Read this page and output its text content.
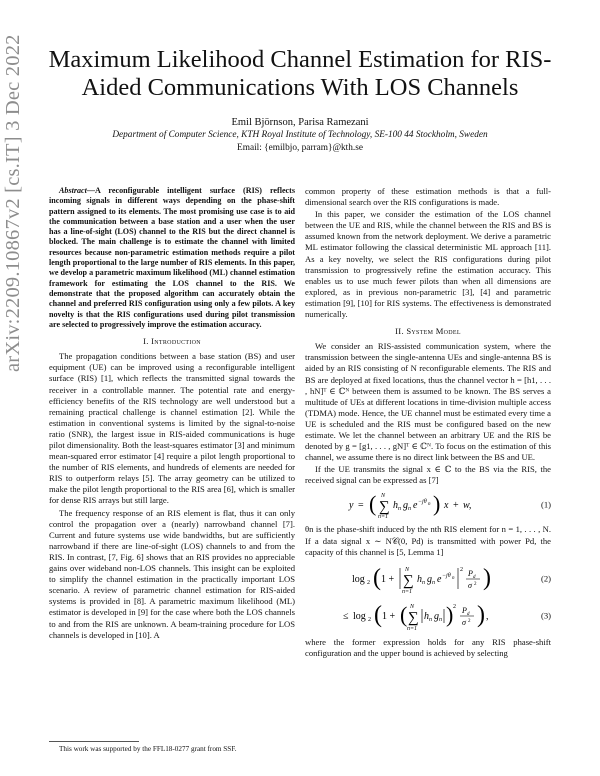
arXiv:2209.10867v2 [cs.IT] 3 Dec 2022	Maximum Likelihood Channel Estimation for RIS-Aided Communications With LOS Channels
Emil Björnson, Parisa Ramezani
Department of Computer Science, KTH Royal Institute of Technology, SE-100 44 Stockholm, Sweden
Email: {emilbjo, parram}@kth.se

Abstract—A reconfigurable intelligent surface (RIS) reflects incoming signals in different ways depending on the phase-shift pattern assigned to its elements. The most promising use case is to aid the communication between a base station and a user when the user has a line-of-sight (LOS) channel to the RIS but the direct channel is blocked. The main challenge is to estimate the channel with limited resources because non-parametric estimation methods require a pilot length proportional to the large number of RIS elements. In this paper, we develop a parametric maximum likelihood (ML) channel estimation framework for estimating the LOS channel to the RIS. We demonstrate that the proposed algorithm can accurately obtain the channel and preferred RIS configuration using only a few pilots. A key novelty is that the RIS configurations used during pilot transmission are selected to progressively improve the estimation accuracy.

I. Introduction

The propagation conditions between a base station (BS) and user equipment (UE) can be improved using a reconfigurable intelligent surface (RIS) [1], which reflects the transmitted signal towards the receiver in a controllable manner. The potential rate and energy-efficiency benefits of the RIS technology are well understood but a remaining practical challenge is channel estimation [2]. While the estimation in conventional systems is limited by the signal-to-noise ratio (SNR), the largest issue in RIS-aided communications is huge pilot dimensionality. Both the least-squares estimator [3] and minimum mean-squared error estimator [4] require a pilot length proportional to the number of RIS elements, and hundreds of elements are needed for RIS to outperform relays [5]. The array geometry can be utilized to make the pilot length proportional to the RIS area [6], which is smaller for dense RIS arrays but still large.

The frequency response of an RIS element is flat, thus it can only control the propagation over a (nearly) narrowband channel [7]. Current and future systems use wide bandwidths, but are sufficiently narrowband if there are line-of-sight (LOS) channels to and from the RIS. In contrast, [7, Fig. 6] shows that an RIS provides no appreciable gains over wideband non-LOS channels. This insight can be exploited to simplify the channel estimation in the practically important LOS scenario. A review of parametric channel estimation for RIS-aided systems is provided in [8]. A parametric maximum likelihood (ML) estimator is developed in [9] for the case where both the LOS channels to and from the RIS are unknown. A beam-training procedure for LOS channels is developed in [10]. A

This work was supported by the FFL18-0277 grant from SSF.

common property of these estimation methods is that a full-dimensional search over the RIS configurations is made.

In this paper, we consider the estimation of the LOS channel between the UE and RIS, while the channel between the RIS and BS is assumed known from the network deployment. We derive a parametric ML estimator following the classical deterministic ML approach [11]. As a key novelty, we select the RIS configurations during pilot transmission to progressively refine the estimation accuracy. This enables us to use much fewer pilots than when all dimensions are explored, as in previous non-parametric [3], [4] and parametric estimation [9], [10] for RIS systems. The effectiveness is demonstrated numerically.

II. System Model

We consider an RIS-assisted communication system, where the transmission between the single-antenna UEs and single-antenna BS is aided by an RIS consisting of N reconfigurable elements. The RIS and BS are deployed at fixed locations, thus the channel vector h = [h1, . . . , hN]ᵀ ∈ ℂᴺ between them is assumed to be known. The BS serves a multitude of UEs at different locations in time-division multiple access (TDMA) mode. Hence, the UE channel must be estimated every time a UE is scheduled and the RIS must be configured based on the new estimate. We let the channel between an arbitrary UE and the RIS be denoted by g = [g1, . . . , gN]ᵀ ∈ ℂᴺ. To focus on the estimation of this channel, we assume there is no direct link between the BS and UE.

If the UE transmits the signal x ∈ ℂ to the BS via the RIS, the received signal can be expressed as [7]

y = ( ∑
N
n=1
h n g n e −jθ n ) x + w,	(1)

θn is the phase-shift induced by the nth RIS element for n = 1, . . . , N. If a data signal x ∼ N𝒞(0, Pd) is transmitted with power Pd, the capacity of this channel is [5, Lemma 1]

log 2 ( 1 + ∑
N
n=1
h n g n e −jθ n
2 P d
σ 2 )	(2)
≤ log 2 ( 1 + ( ∑
N
n=1
h n g n ) 2 P d
σ 2 ) ,	(3)

where the former expression holds for any RIS phase-shift configuration and the upper bound is achieved by selecting
